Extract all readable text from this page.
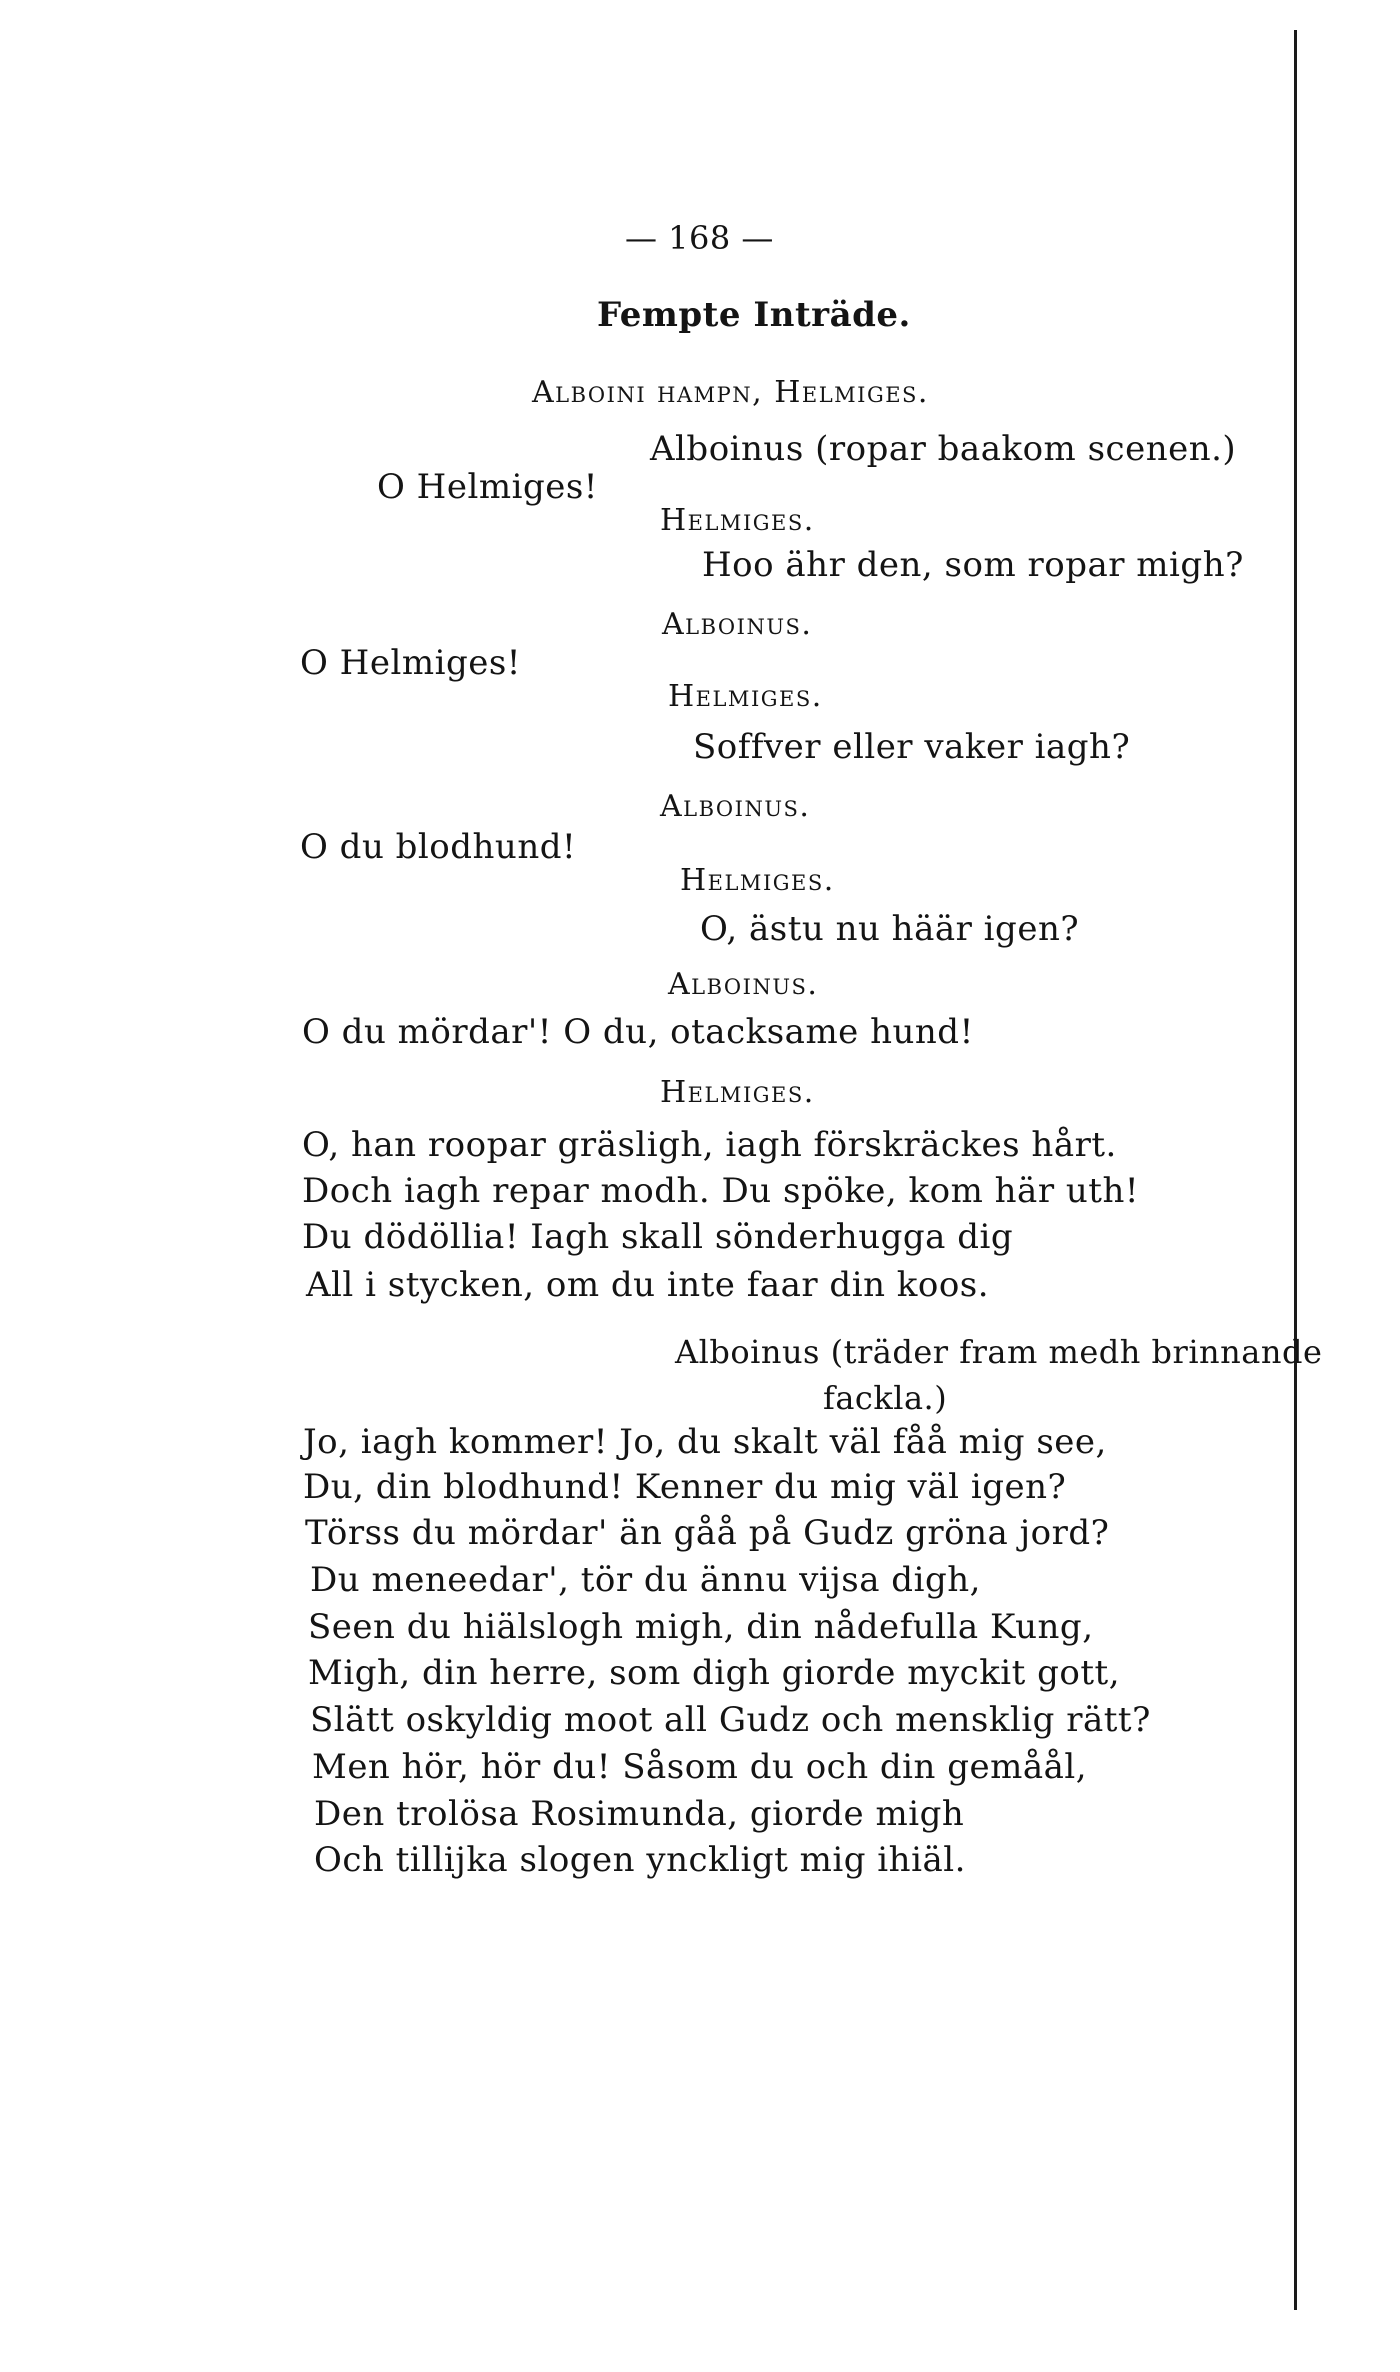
— 168 —
Fempte Inträde.
Alboini hampn, Helmiges.
Alboinus (ropar baakom scenen.)
O Helmiges!
Helmiges.
Hoo ähr den, som ropar migh?
Alboinus.
O Helmiges!
Helmiges.
Soffver eller vaker iagh?
Alboinus.
O du blodhund!
Helmiges.
O, ästu nu häär igen?
Alboinus.
O du mördar'! O du, otacksame hund!
Helmiges.
O, han roopar gräsligh, iagh förskräckes hårt.
Doch iagh repar modh. Du spöke, kom här uth!
Du dödöllia! Iagh skall sönderhugga dig
All i stycken, om du inte faar din koos.
Alboinus (träder fram medh brinnande
fackla.)
Jo, iagh kommer! Jo, du skalt väl fåå mig see,
Du, din blodhund! Kenner du mig väl igen?
Törss du mördar' än gåå på Gudz gröna jord?
Du meneedar', tör du ännu vijsa digh,
Seen du hiälslogh migh, din nådefulla Kung,
Migh, din herre, som digh giorde myckit gott,
Slätt oskyldig moot all Gudz och mensklig rätt?
Men hör, hör du! Såsom du och din gemåål,
Den trolösa Rosimunda, giorde migh
Och tillijka slogen ynckligt mig ihiäl.
